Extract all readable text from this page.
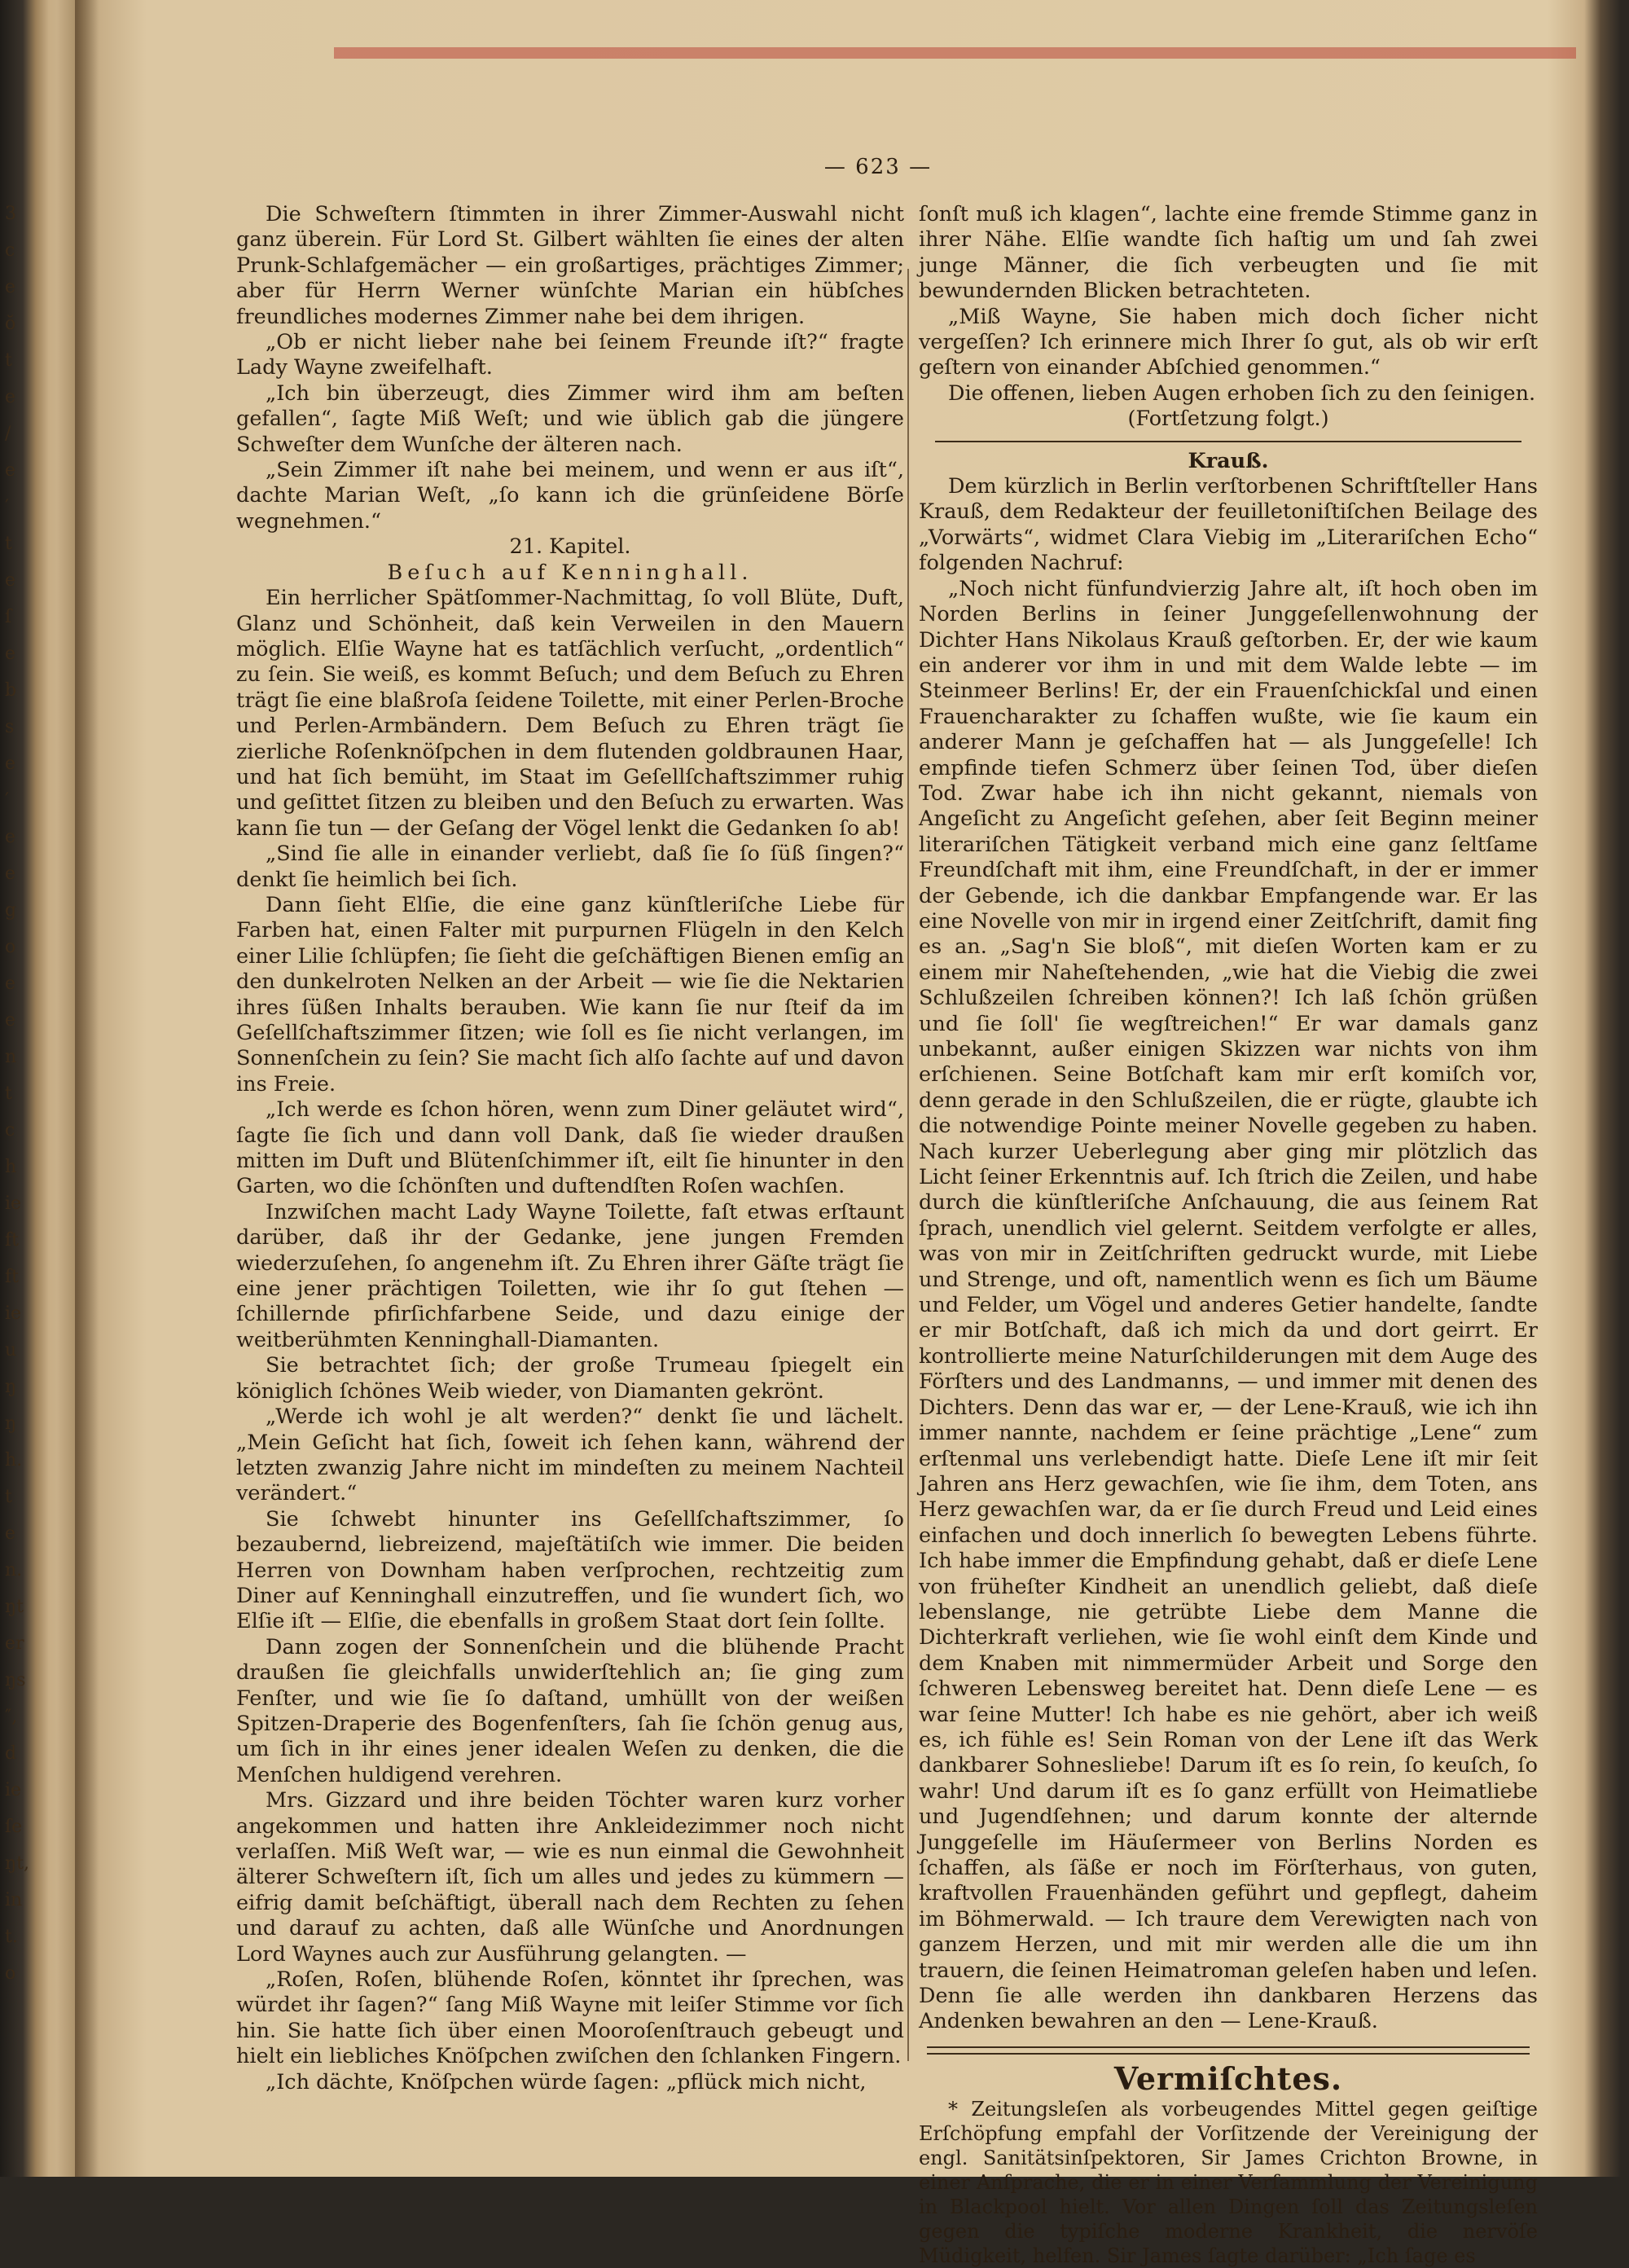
3
c
e
ŏ
t
e
/
e
′
t
e
ſ
e
b
s
e
′
e
e
g
o
e
e
n
t
c
h
ie
ft
ft
ie
u
ŋ
ŋ
h.
t
e
n.
ŋt
er
ŋs
″,
d
ie
ſe
ŋt,
in
t.
o
— 623 —

Die Schweſtern ſtimmten in ihrer Zimmer-Auswahl nicht ganz überein. Für Lord St. Gilbert wählten ſie eines der alten Prunk-Schlafgemächer — ein großartiges, prächtiges Zimmer; aber für Herrn Werner wünſchte Marian ein hübſches freundliches modernes Zimmer nahe bei dem ihrigen.

„Ob er nicht lieber nahe bei ſeinem Freunde iſt?“ fragte Lady Wayne zweifelhaft.

„Ich bin überzeugt, dies Zimmer wird ihm am beſten gefallen“, ſagte Miß Weſt; und wie üblich gab die jüngere Schweſter dem Wunſche der älteren nach.

„Sein Zimmer iſt nahe bei meinem, und wenn er aus iſt“, dachte Marian Weſt, „ſo kann ich die grünſeidene Börſe wegnehmen.“

21. Kapitel.

Beſuch auf Kenninghall.

Ein herrlicher Spätſommer-Nachmittag, ſo voll Blüte, Duft, Glanz und Schönheit, daß kein Verweilen in den Mauern möglich. Elſie Wayne hat es tatſächlich verſucht, „ordentlich“ zu ſein. Sie weiß, es kommt Beſuch; und dem Beſuch zu Ehren trägt ſie eine blaßroſa ſeidene Toilette, mit einer Perlen-Broche und Perlen-Armbändern. Dem Beſuch zu Ehren trägt ſie zierliche Roſenknöſpchen in dem flutenden goldbraunen Haar, und hat ſich bemüht, im Staat im Geſellſchaftszimmer ruhig und geſittet ſitzen zu bleiben und den Beſuch zu erwarten. Was kann ſie tun — der Geſang der Vögel lenkt die Gedanken ſo ab!

„Sind ſie alle in einander verliebt, daß ſie ſo ſüß ſingen?“ denkt ſie heimlich bei ſich.

Dann ſieht Elſie, die eine ganz künſtleriſche Liebe für Farben hat, einen Falter mit purpurnen Flügeln in den Kelch einer Lilie ſchlüpfen; ſie ſieht die geſchäftigen Bienen emſig an den dunkelroten Nelken an der Arbeit — wie ſie die Nektarien ihres ſüßen Inhalts berauben. Wie kann ſie nur ſteif da im Geſellſchaftszimmer ſitzen; wie ſoll es ſie nicht verlangen, im Sonnenſchein zu ſein? Sie macht ſich alſo ſachte auf und davon ins Freie.

„Ich werde es ſchon hören, wenn zum Diner geläutet wird“, ſagte ſie ſich und dann voll Dank, daß ſie wieder draußen mitten im Duft und Blütenſchimmer iſt, eilt ſie hinunter in den Garten, wo die ſchönſten und duftendſten Roſen wachſen.

Inzwiſchen macht Lady Wayne Toilette, faſt etwas erſtaunt darüber, daß ihr der Gedanke, jene jungen Fremden wiederzuſehen, ſo angenehm iſt. Zu Ehren ihrer Gäſte trägt ſie eine jener prächtigen Toiletten, wie ihr ſo gut ſtehen — ſchillernde pfirſichfarbene Seide, und dazu einige der weitberühmten Kenninghall-Diamanten.

Sie betrachtet ſich; der große Trumeau ſpiegelt ein königlich ſchönes Weib wieder, von Diamanten gekrönt.

„Werde ich wohl je alt werden?“ denkt ſie und lächelt. „Mein Geſicht hat ſich, ſoweit ich ſehen kann, während der letzten zwanzig Jahre nicht im mindeſten zu meinem Nachteil verändert.“

Sie ſchwebt hinunter ins Geſellſchaftszimmer, ſo bezaubernd, liebreizend, majeſtätiſch wie immer. Die beiden Herren von Downham haben verſprochen, rechtzeitig zum Diner auf Kenninghall einzutreffen, und ſie wundert ſich, wo Elſie iſt — Elſie, die ebenfalls in großem Staat dort ſein ſollte.

Dann zogen der Sonnenſchein und die blühende Pracht draußen ſie gleichfalls unwiderſtehlich an; ſie ging zum Fenſter, und wie ſie ſo daſtand, umhüllt von der weißen Spitzen-Draperie des Bogenfenſters, ſah ſie ſchön genug aus, um ſich in ihr eines jener idealen Weſen zu denken, die die Menſchen huldigend verehren.

Mrs. Gizzard und ihre beiden Töchter waren kurz vorher angekommen und hatten ihre Ankleidezimmer noch nicht verlaſſen. Miß Weſt war, — wie es nun einmal die Gewohnheit älterer Schweſtern iſt, ſich um alles und jedes zu kümmern — eifrig damit beſchäftigt, überall nach dem Rechten zu ſehen und darauf zu achten, daß alle Wünſche und Anordnungen Lord Waynes auch zur Ausführung gelangten. —

„Roſen, Roſen, blühende Roſen, könntet ihr ſprechen, was würdet ihr ſagen?“ ſang Miß Wayne mit leiſer Stimme vor ſich hin. Sie hatte ſich über einen Mooroſenſtrauch gebeugt und hielt ein liebliches Knöſpchen zwiſchen den ſchlanken Fingern.

„Ich dächte, Knöſpchen würde ſagen: „pflück mich nicht,

ſonſt muß ich klagen“, lachte eine fremde Stimme ganz in ihrer Nähe. Elſie wandte ſich haſtig um und ſah zwei junge Männer, die ſich verbeugten und ſie mit bewundernden Blicken betrachteten.

„Miß Wayne, Sie haben mich doch ſicher nicht vergeſſen? Ich erinnere mich Ihrer ſo gut, als ob wir erſt geſtern von einander Abſchied genommen.“

Die offenen, lieben Augen erhoben ſich zu den ſeinigen.

(Fortſetzung folgt.)

Krauß.

Dem kürzlich in Berlin verſtorbenen Schriftſteller Hans Krauß, dem Redakteur der feuilletoniſtiſchen Beilage des „Vorwärts“, widmet Clara Viebig im „Literariſchen Echo“ folgenden Nachruf:

„Noch nicht fünfundvierzig Jahre alt, iſt hoch oben im Norden Berlins in ſeiner Junggeſellenwohnung der Dichter Hans Nikolaus Krauß geſtorben. Er, der wie kaum ein anderer vor ihm in und mit dem Walde lebte — im Steinmeer Berlins! Er, der ein Frauenſchickſal und einen Frauencharakter zu ſchaffen wußte, wie ſie kaum ein anderer Mann je geſchaffen hat — als Junggeſelle! Ich empfinde tiefen Schmerz über ſeinen Tod, über dieſen Tod. Zwar habe ich ihn nicht gekannt, niemals von Angeſicht zu Angeſicht geſehen, aber ſeit Beginn meiner literariſchen Tätigkeit verband mich eine ganz ſeltſame Freundſchaft mit ihm, eine Freundſchaft, in der er immer der Gebende, ich die dankbar Empfangende war. Er las eine Novelle von mir in irgend einer Zeitſchrift, damit fing es an. „Sag'n Sie bloß“, mit dieſen Worten kam er zu einem mir Naheſtehenden, „wie hat die Viebig die zwei Schlußzeilen ſchreiben können?! Ich laß ſchön grüßen und ſie ſoll' ſie wegſtreichen!“ Er war damals ganz unbekannt, außer einigen Skizzen war nichts von ihm erſchienen. Seine Botſchaft kam mir erſt komiſch vor, denn gerade in den Schlußzeilen, die er rügte, glaubte ich die notwendige Pointe meiner Novelle gegeben zu haben. Nach kurzer Ueberlegung aber ging mir plötzlich das Licht ſeiner Erkenntnis auf. Ich ſtrich die Zeilen, und habe durch die künſtleriſche Anſchauung, die aus ſeinem Rat ſprach, unendlich viel gelernt. Seitdem verfolgte er alles, was von mir in Zeitſchriften gedruckt wurde, mit Liebe und Strenge, und oft, namentlich wenn es ſich um Bäume und Felder, um Vögel und anderes Getier handelte, ſandte er mir Botſchaft, daß ich mich da und dort geirrt. Er kontrollierte meine Naturſchilderungen mit dem Auge des Förſters und des Landmanns, — und immer mit denen des Dichters. Denn das war er, — der Lene-Krauß, wie ich ihn immer nannte, nachdem er ſeine prächtige „Lene“ zum erſtenmal uns verlebendigt hatte. Dieſe Lene iſt mir ſeit Jahren ans Herz gewachſen, wie ſie ihm, dem Toten, ans Herz gewachſen war, da er ſie durch Freud und Leid eines einfachen und doch innerlich ſo bewegten Lebens führte. Ich habe immer die Empfindung gehabt, daß er dieſe Lene von früheſter Kindheit an unendlich geliebt, daß dieſe lebenslange, nie getrübte Liebe dem Manne die Dichterkraft verliehen, wie ſie wohl einſt dem Kinde und dem Knaben mit nimmermüder Arbeit und Sorge den ſchweren Lebensweg bereitet hat. Denn dieſe Lene — es war ſeine Mutter! Ich habe es nie gehört, aber ich weiß es, ich fühle es! Sein Roman von der Lene iſt das Werk dankbarer Sohnesliebe! Darum iſt es ſo rein, ſo keuſch, ſo wahr! Und darum iſt es ſo ganz erfüllt von Heimatliebe und Jugendſehnen; und darum konnte der alternde Junggeſelle im Häuſermeer von Berlins Norden es ſchaffen, als ſäße er noch im Förſterhaus, von guten, kraftvollen Frauenhänden geführt und gepflegt, daheim im Böhmerwald. — Ich traure dem Verewigten nach von ganzem Herzen, und mit mir werden alle die um ihn trauern, die ſeinen Heimatroman geleſen haben und leſen. Denn ſie alle werden ihn dankbaren Herzens das Andenken bewahren an den — Lene-Krauß.

Vermiſchtes.

* Zeitungsleſen als vorbeugendes Mittel gegen geiſtige Erſchöpfung empfahl der Vorſitzende der Vereinigung der engl. Sanitätsinſpektoren, Sir James Crichton Browne, in einer Anſprache, die er in einer Verſammlung der Vereinigung in Blackpool hielt. Vor allen Dingen ſoll das Zeitungsleſen gegen die typiſche moderne Krankheit, die nervöſe Müdigkeit, helfen. Sir James ſagte darüber: „Ich ſage es
